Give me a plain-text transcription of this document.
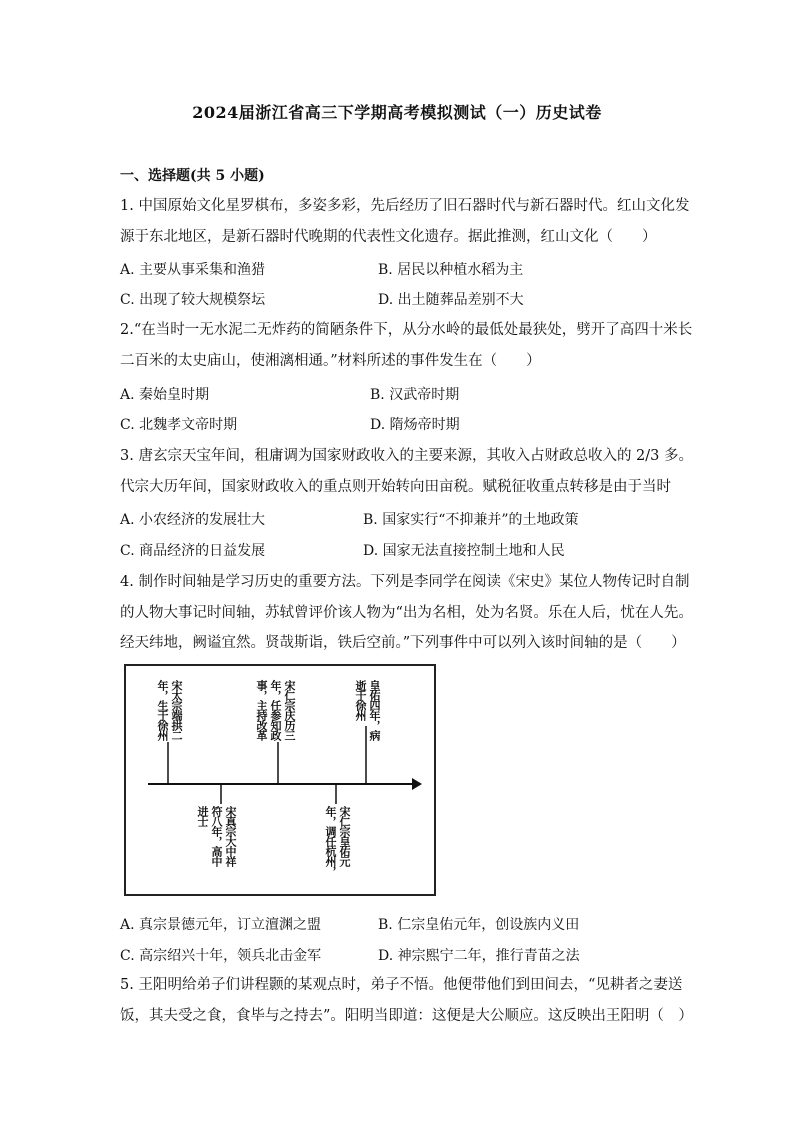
2024届浙江省高三下学期高考模拟测试（一）历史试卷
一、选择题(共 5 小题)
1. 中国原始文化星罗棋布，多姿多彩，先后经历了旧石器时代与新石器时代。红山文化发
源于东北地区，是新石器时代晚期的代表性文化遗存。据此推测，红山文化（　　）
A. 主要从事采集和渔猎	B. 居民以种植水稻为主
C. 出现了较大规模祭坛	D. 出土随葬品差别不大
2.“在当时一无水泥二无炸药的简陋条件下，从分水岭的最低处最狭处，劈开了高四十米长
二百米的太史庙山，使湘漓相通。”材料所述的事件发生在（　　）
A. 秦始皇时期	B. 汉武帝时期
C. 北魏孝文帝时期	D. 隋炀帝时期
3. 唐玄宗天宝年间，租庸调为国家财政收入的主要来源，其收入占财政总收入的 2/3 多。
代宗大历年间，国家财政收入的重点则开始转向田亩税。赋税征收重点转移是由于当时
A. 小农经济的发展壮大	B. 国家实行“不抑兼并”的土地政策
C. 商品经济的日益发展	D. 国家无法直接控制土地和人民
4. 制作时间轴是学习历史的重要方法。下列是李同学在阅读《宋史》某位人物传记时自制
的人物大事记时间轴，苏轼曾评价该人物为“出为名相，处为名贤。乐在人后，忧在人先。
经天纬地，阙谥宜然。贤哉斯诣，铁后空前。”下列事件中可以列入该时间轴的是（　　）
宋太宗端拱二
年，生于徐州	宋仁宗庆历三
年，任参知政
事，主持改革	皇佑四年，病
逝于徐州
宋真宗大中祥
符八年，高中
进士	宋仁宗皇佑元
年，调任杭州，
A. 真宗景德元年，订立澶渊之盟	B. 仁宗皇佑元年，创设族内义田
C. 高宗绍兴十年，领兵北击金军	D. 神宗熙宁二年，推行青苗之法
5. 王阳明给弟子们讲程颢的某观点时，弟子不悟。他便带他们到田间去，“见耕者之妻送
饭，其夫受之食，食毕与之持去”。阳明当即道：这便是大公顺应。这反映出王阳明（　）
